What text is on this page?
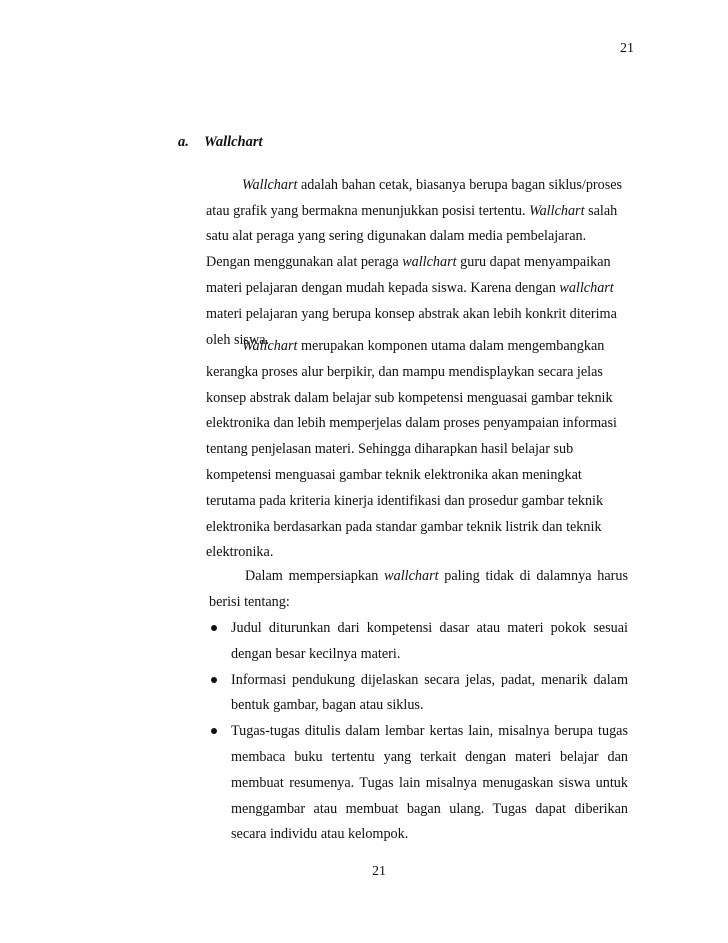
21
a. Wallchart

Wallchart adalah bahan cetak, biasanya berupa bagan siklus/proses
atau grafik yang bermakna menunjukkan posisi tertentu. Wallchart salah
satu alat peraga yang sering digunakan dalam media pembelajaran.
Dengan menggunakan alat peraga wallchart guru dapat menyampaikan
materi pelajaran dengan mudah kepada siswa. Karena dengan wallchart
materi pelajaran yang berupa konsep abstrak akan lebih konkrit diterima
oleh siswa.

Wallchart merupakan komponen utama dalam mengembangkan
kerangka proses alur berpikir, dan mampu mendisplaykan secara jelas
konsep abstrak dalam belajar sub kompetensi menguasai gambar teknik
elektronika dan lebih memperjelas dalam proses penyampaian informasi
tentang penjelasan materi. Sehingga diharapkan hasil belajar sub
kompetensi menguasai gambar teknik elektronika akan meningkat
terutama pada kriteria kinerja identifikasi dan prosedur gambar teknik
elektronika berdasarkan pada standar gambar teknik listrik dan teknik
elektronika.

Dalam mempersiapkan wallchart paling tidak di dalamnya harus
berisi tentang:

Judul diturunkan dari kompetensi dasar atau materi pokok sesuai
dengan besar kecilnya materi.
Informasi pendukung dijelaskan secara jelas, padat, menarik dalam
bentuk gambar, bagan atau siklus.
Tugas-tugas ditulis dalam lembar kertas lain, misalnya berupa tugas
membaca buku tertentu yang terkait dengan materi belajar dan
membuat resumenya. Tugas lain misalnya menugaskan siswa untuk
menggambar atau membuat bagan ulang. Tugas dapat diberikan
secara individu atau kelompok.
21
